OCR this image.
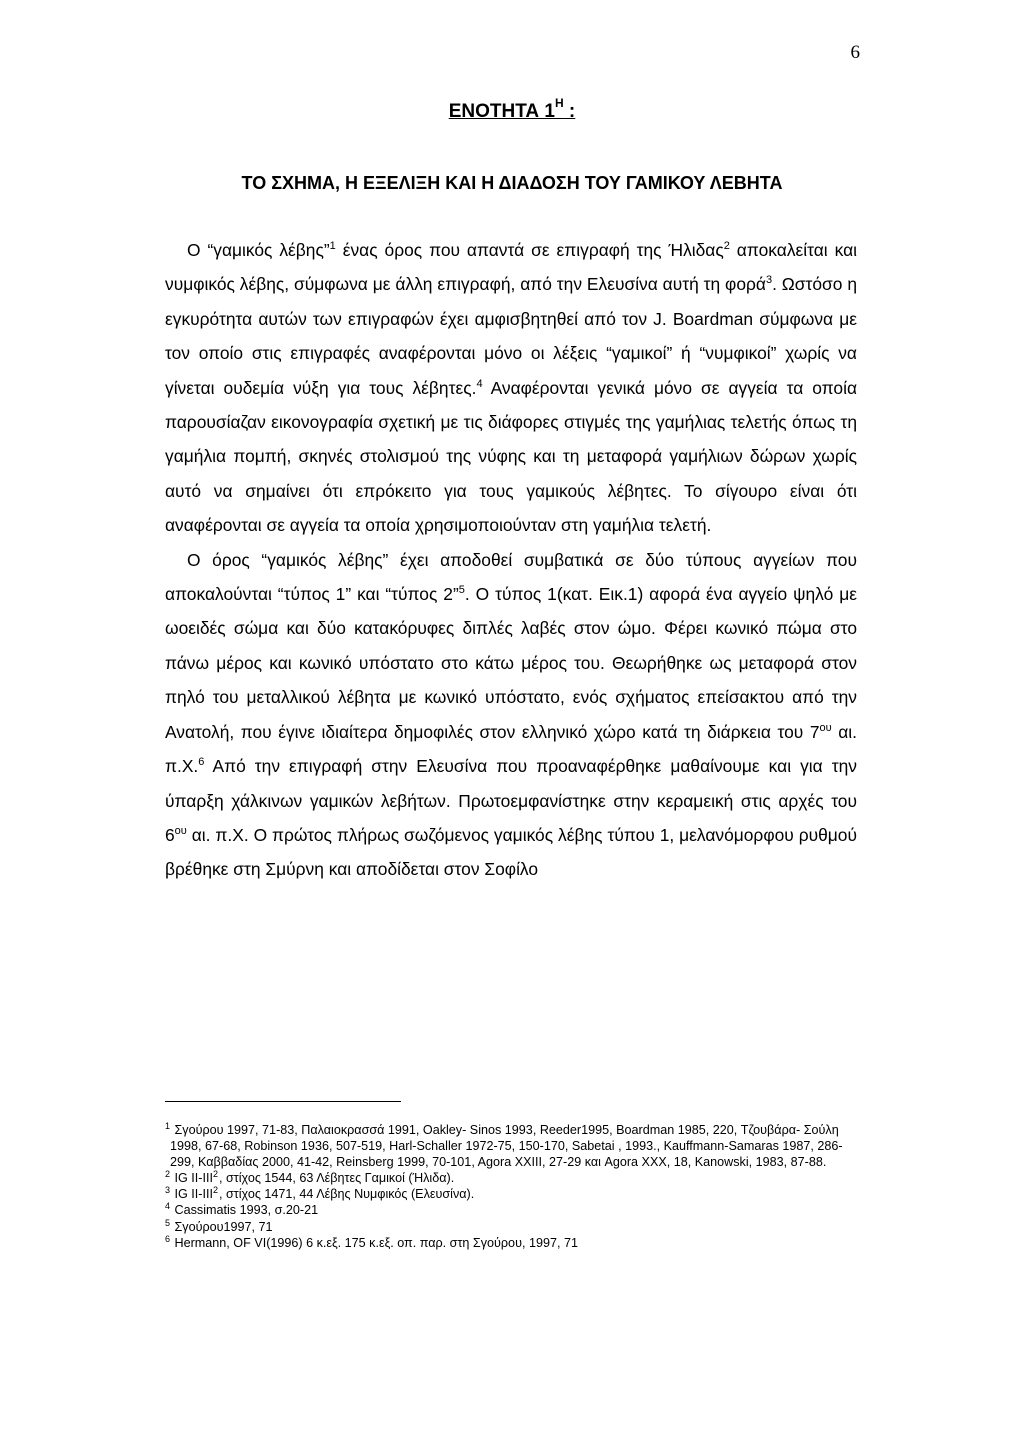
6
ΕΝΟΤΗΤΑ $1^H$ :
ΤΟ ΣΧΗΜΑ, Η ΕΞΕΛΙΞΗ ΚΑΙ Η ΔΙΑΔΟΣΗ ΤΟΥ ΓΑΜΙΚΟΥ ΛΕΒΗΤΑ

Ο “γαμικός λέβης”$^1$ ένας όρος που απαντά σε επιγραφή της Ήλιδας$^2$ αποκαλείται και νυμφικός λέβης, σύμφωνα με άλλη επιγραφή, από την Ελευσίνα αυτή τη φορά$^3$. Ωστόσο η εγκυρότητα αυτών των επιγραφών έχει αμφισβητηθεί από τον J. Boardman σύμφωνα με τον οποίο στις επιγραφές αναφέρονται μόνο οι λέξεις “γαμικοί” ή “νυμφικοί” χωρίς να γίνεται ουδεμία νύξη για τους λέβητες.$^4$ Αναφέρονται γενικά μόνο σε αγγεία τα οποία παρουσίαζαν εικονογραφία σχετική με τις διάφορες στιγμές της γαμήλιας τελετής όπως τη γαμήλια πομπή, σκηνές στολισμού της νύφης και τη μεταφορά γαμήλιων δώρων χωρίς αυτό να σημαίνει ότι επρόκειτο για τους γαμικούς λέβητες. Το σίγουρο είναι ότι αναφέρονται σε αγγεία τα οποία χρησιμοποιούνταν στη γαμήλια τελετή.

Ο όρος “γαμικός λέβης” έχει αποδοθεί συμβατικά σε δύο τύπους αγγείων που αποκαλούνται “τύπος 1” και “τύπος 2”$^5$. Ο τύπος 1(κατ. Εικ.1) αφορά ένα αγγείο ψηλό με ωοειδές σώμα και δύο κατακόρυφες διπλές λαβές στον ώμο. Φέρει κωνικό πώμα στο πάνω μέρος και κωνικό υπόστατο στο κάτω μέρος του. Θεωρήθηκε ως μεταφορά στον πηλό του μεταλλικού λέβητα με κωνικό υπόστατο, ενός σχήματος επείσακτου από την Ανατολή, που έγινε ιδιαίτερα δημοφιλές στον ελληνικό χώρο κατά τη διάρκεια του $7^{o\upsilon}$ αι. π.Χ.$^6$ Από την επιγραφή στην Ελευσίνα που προαναφέρθηκε μαθαίνουμε και για την ύπαρξη χάλκινων γαμικών λεβήτων. Πρωτοεμφανίστηκε στην κεραμεική στις αρχές του $6^{o\upsilon}$ αι. π.Χ. Ο πρώτος πλήρως σωζόμενος γαμικός λέβης τύπου 1, μελανόμορφου ρυθμού βρέθηκε στη Σμύρνη και αποδίδεται στον Σοφίλο

$^1$ Σγούρου 1997, 71-83, Παλαιοκρασσά 1991, Oakley- Sinos 1993, Reeder1995, Boardman 1985, 220, Τζουβάρα- Σούλη 1998, 67-68, Robinson 1936, 507-519, Harl-Schaller 1972-75, 150-170, Sabetai , 1993., Kauffmann-Samaras 1987, 286-299, Καββαδίας 2000, 41-42, Reinsberg 1999, 70-101, Agora XXIII, 27-29 και Agora XXX, 18, Kanowski, 1983, 87-88.

$^2$ IG II-III$^2$, στίχος 1544, 63 Λέβητες Γαμικοί (Ήλιδα).

$^3$ IG II-III$^2$, στίχος 1471, 44 Λέβης Νυμφικός (Ελευσίνα).

$^4$ Cassimatis 1993, σ.20-21

$^5$ Σγούρου1997, 71

$^6$ Hermann, OF VI(1996) 6 κ.εξ. 175 κ.εξ. οπ. παρ. στη Σγούρου, 1997, 71
